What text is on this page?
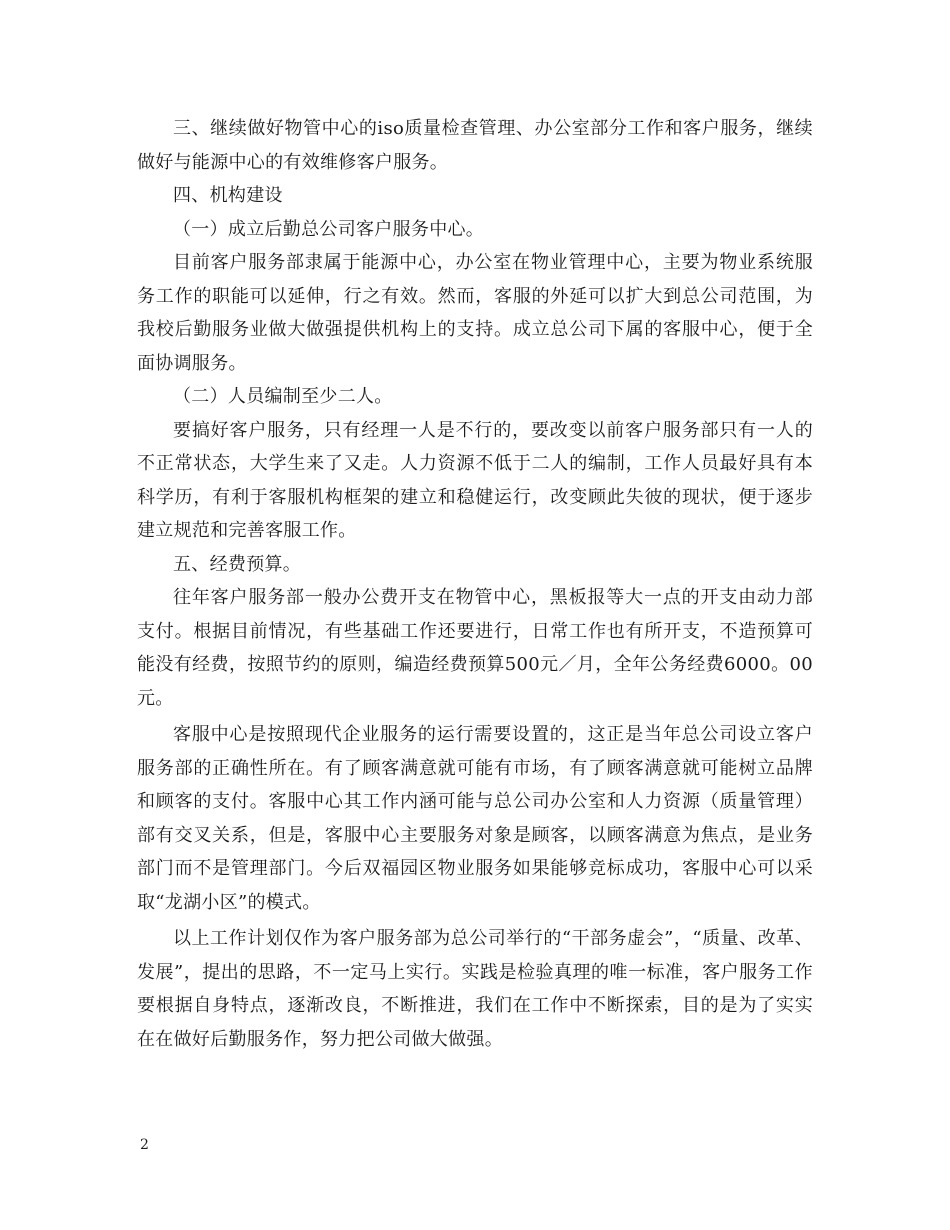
三、继续做好物管中心的iso质量检查管理、办公室部分工作和客户服务，继续做好与能源中心的有效维修客户服务。

四、机构建设

（一）成立后勤总公司客户服务中心。

目前客户服务部隶属于能源中心，办公室在物业管理中心，主要为物业系统服务工作的职能可以延伸，行之有效。然而，客服的外延可以扩大到总公司范围，为我校后勤服务业做大做强提供机构上的支持。成立总公司下属的客服中心，便于全面协调服务。

（二）人员编制至少二人。

要搞好客户服务，只有经理一人是不行的，要改变以前客户服务部只有一人的不正常状态，大学生来了又走。人力资源不低于二人的编制，工作人员最好具有本科学历，有利于客服机构框架的建立和稳健运行，改变顾此失彼的现状，便于逐步建立规范和完善客服工作。

五、经费预算。

往年客户服务部一般办公费开支在物管中心，黑板报等大一点的开支由动力部支付。根据目前情况，有些基础工作还要进行，日常工作也有所开支，不造预算可能没有经费，按照节约的原则，编造经费预算500元／月，全年公务经费6000。00元。

客服中心是按照现代企业服务的运行需要设置的，这正是当年总公司设立客户服务部的正确性所在。有了顾客满意就可能有市场，有了顾客满意就可能树立品牌和顾客的支付。客服中心其工作内涵可能与总公司办公室和人力资源（质量管理）部有交叉关系，但是，客服中心主要服务对象是顾客，以顾客满意为焦点，是业务部门而不是管理部门。今后双福园区物业服务如果能够竞标成功，客服中心可以采取“龙湖小区”的模式。

以上工作计划仅作为客户服务部为总公司举行的“干部务虚会”，“质量、改革、发展”，提出的思路，不一定马上实行。实践是检验真理的唯一标准，客户服务工作要根据自身特点，逐渐改良，不断推进，我们在工作中不断探索，目的是为了实实在在做好后勤服务作，努力把公司做大做强。

2
